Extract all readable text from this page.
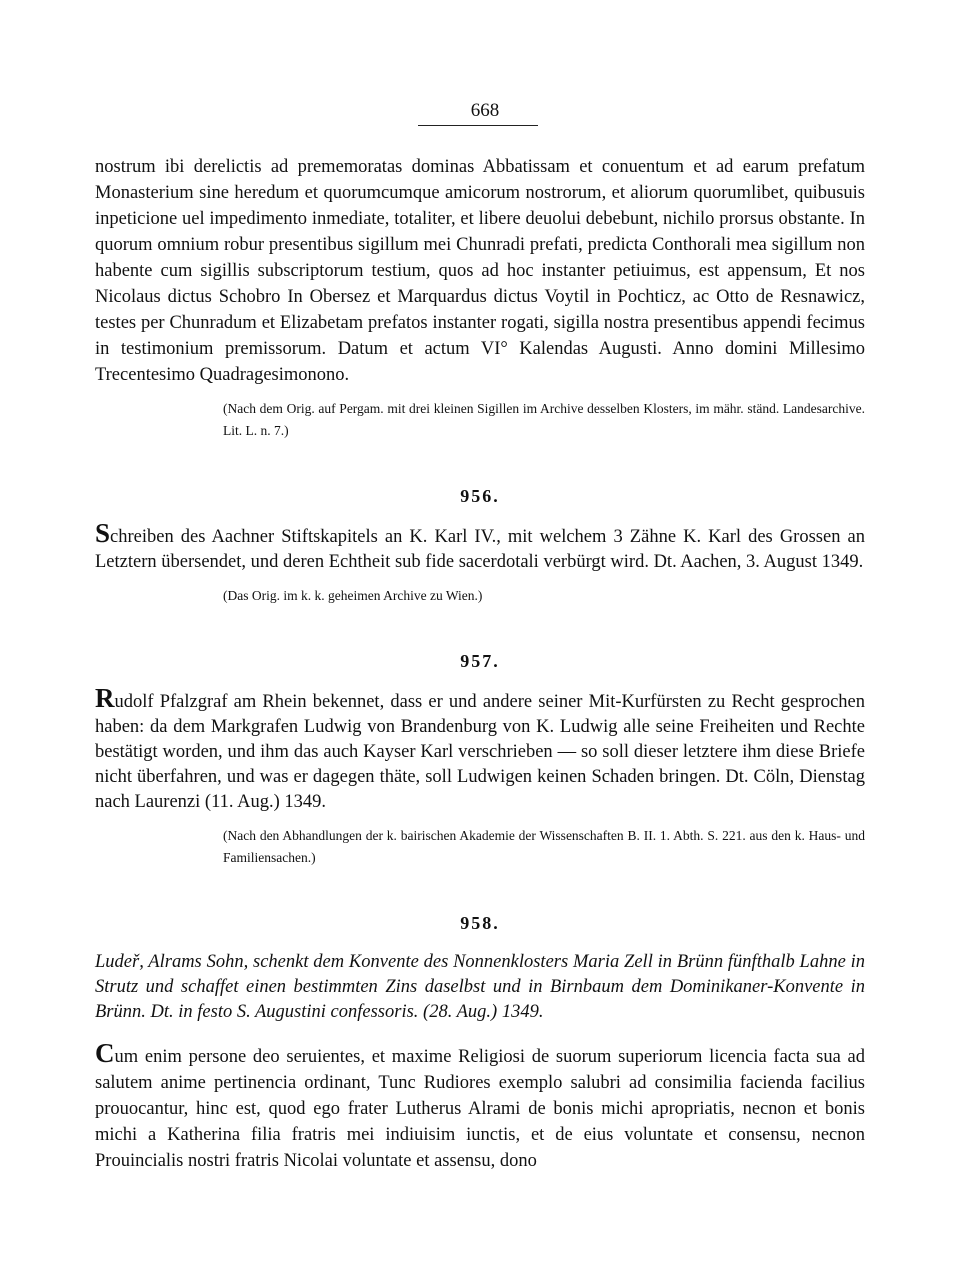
668
nostrum ibi derelictis ad prememoratas dominas Abbatissam et conuentum et ad earum prefatum Monasterium sine heredum et quorumcumque amicorum nostrorum, et aliorum quorumlibet, quibusuis inpeticione uel impedimento inmediate, totaliter, et libere deuolui debebunt, nichilo prorsus obstante. In quorum omnium robur presentibus sigillum mei Chunradi prefati, predicta Conthorali mea sigillum non habente cum sigillis subscriptorum testium, quos ad hoc instanter petiuimus, est appensum, Et nos Nicolaus dictus Schobro In Obersez et Marquardus dictus Voytil in Pochticz, ac Otto de Resnawicz, testes per Chunradum et Elizabetam prefatos instanter rogati, sigilla nostra presentibus appendi fecimus in testimonium premissorum. Datum et actum VI° Kalendas Augusti. Anno domini Millesimo Trecentesimo Quadragesimonono.
(Nach dem Orig. auf Pergam. mit drei kleinen Sigillen im Archive desselben Klosters, im mähr. ständ. Landesarchive. Lit. L. n. 7.)
956.
Schreiben des Aachner Stiftskapitels an K. Karl IV., mit welchem 3 Zähne K. Karl des Grossen an Letztern übersendet, und deren Echtheit sub fide sacerdotali verbürgt wird. Dt. Aachen, 3. August 1349.
(Das Orig. im k. k. geheimen Archive zu Wien.)
957.
Rudolf Pfalzgraf am Rhein bekennet, dass er und andere seiner Mit-Kurfürsten zu Recht gesprochen haben: da dem Markgrafen Ludwig von Brandenburg von K. Ludwig alle seine Freiheiten und Rechte bestätigt worden, und ihm das auch Kayser Karl verschrieben — so soll dieser letztere ihm diese Briefe nicht überfahren, und was er dagegen thäte, soll Ludwigen keinen Schaden bringen. Dt. Cöln, Dienstag nach Laurenzi (11. Aug.) 1349.
(Nach den Abhandlungen der k. bairischen Akademie der Wissenschaften B. II. 1. Abth. S. 221. aus den k. Haus- und Familiensachen.)
958.
Ludeř, Alrams Sohn, schenkt dem Konvente des Nonnenklosters Maria Zell in Brünn fünfthalb Lahne in Strutz und schaffet einen bestimmten Zins daselbst und in Birnbaum dem Dominikaner-Konvente in Brünn. Dt. in festo S. Augustini confessoris. (28. Aug.) 1349.
Cum enim persone deo seruientes, et maxime Religiosi de suorum superiorum licencia facta sua ad salutem anime pertinencia ordinant, Tunc Rudiores exemplo salubri ad consimilia facienda facilius prouocantur, hinc est, quod ego frater Lutherus Alrami de bonis michi apropriatis, necnon et bonis michi a Katherina filia fratris mei indiuisim iunctis, et de eius voluntate et consensu, necnon Prouincialis nostri fratris Nicolai voluntate et assensu, dono
